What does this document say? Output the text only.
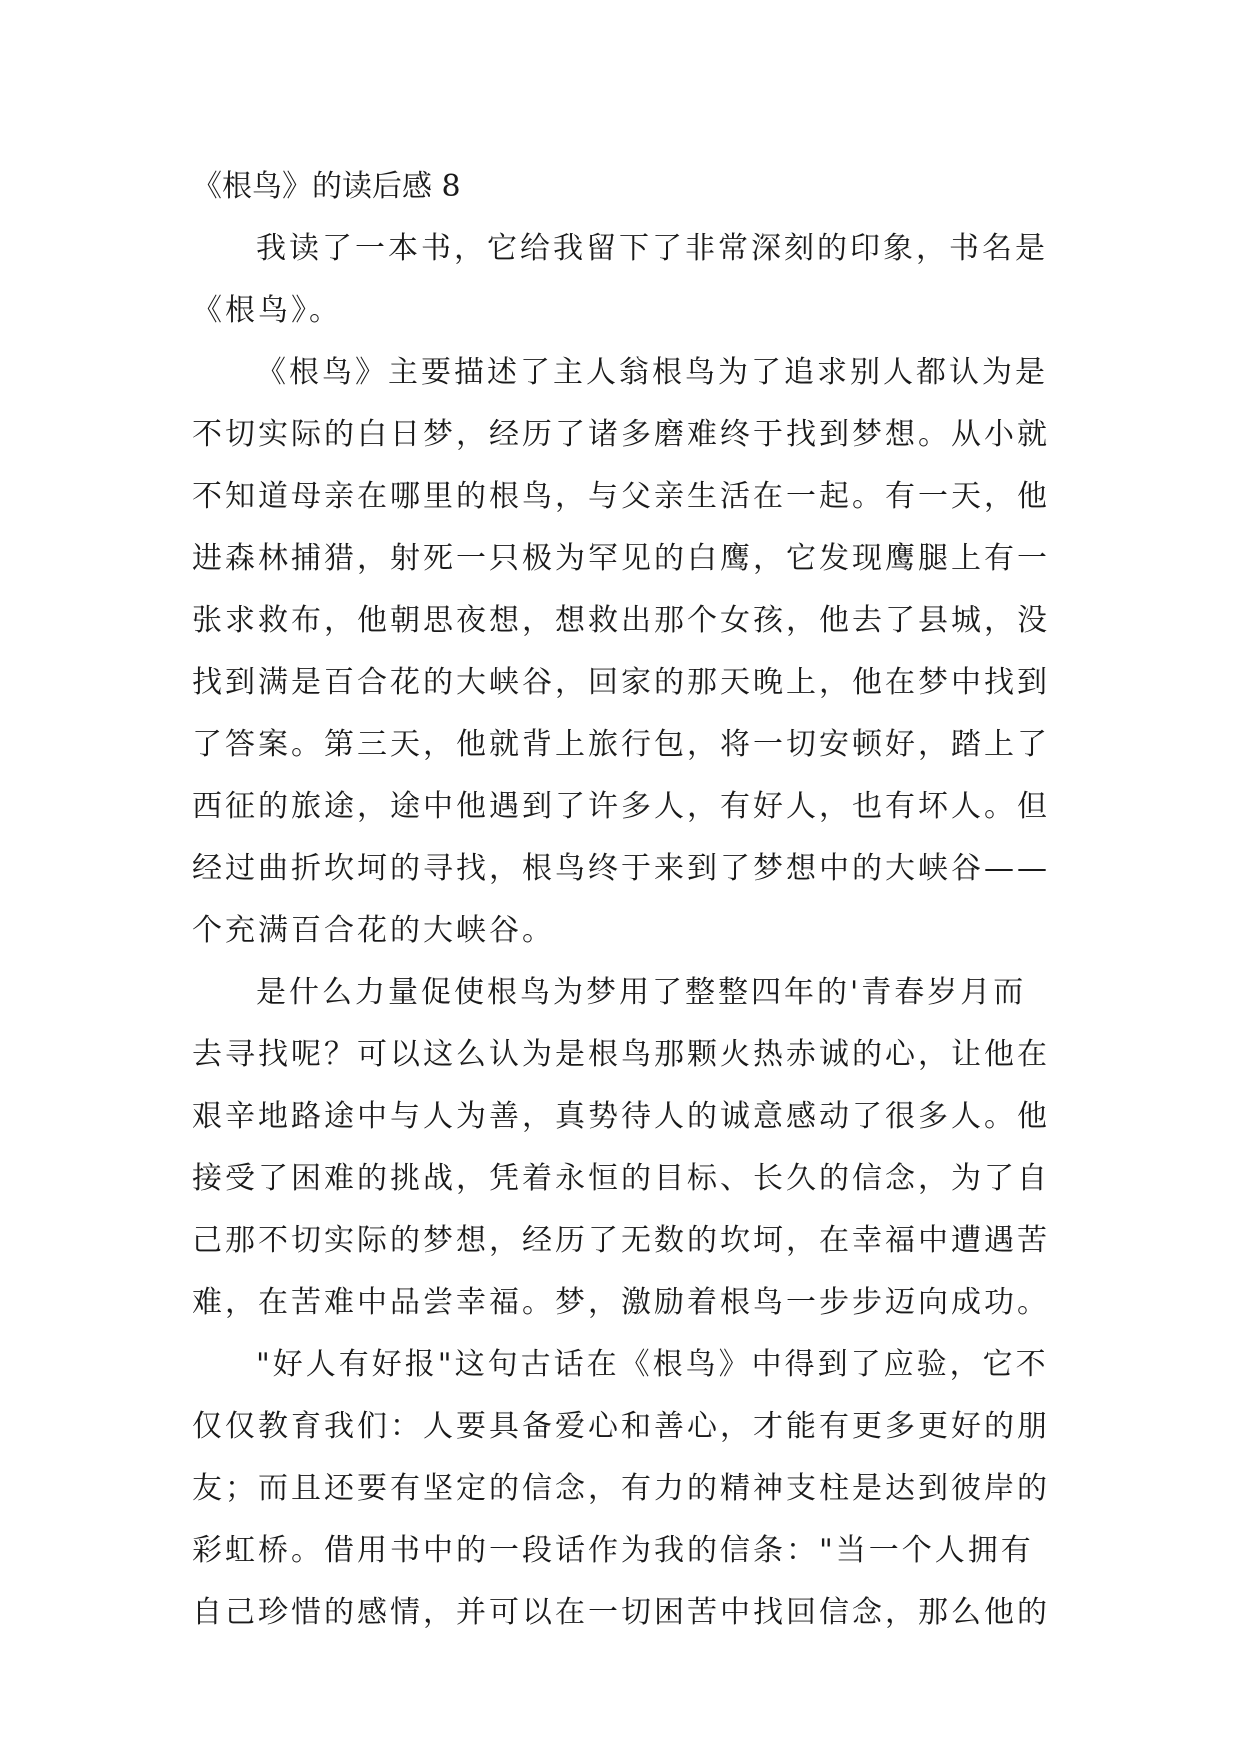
《根鸟》的读后感 8

我读了一本书，它给我留下了非常深刻的印象，书名是
《根鸟》。

《根鸟》主要描述了主人翁根鸟为了追求别人都认为是
不切实际的白日梦，经历了诸多磨难终于找到梦想。从小就
不知道母亲在哪里的根鸟，与父亲生活在一起。有一天，他
进森林捕猎，射死一只极为罕见的白鹰，它发现鹰腿上有一
张求救布，他朝思夜想，想救出那个女孩，他去了县城，没
找到满是百合花的大峡谷，回家的那天晚上，他在梦中找到
了答案。第三天，他就背上旅行包，将一切安顿好，踏上了
西征的旅途，途中他遇到了许多人，有好人，也有坏人。但
经过曲折坎坷的寻找，根鸟终于来到了梦想中的大峡谷——
个充满百合花的大峡谷。

是什么力量促使根鸟为梦用了整整四年的'青春岁月而
去寻找呢？可以这么认为是根鸟那颗火热赤诚的心，让他在
艰辛地路途中与人为善，真势待人的诚意感动了很多人。他
接受了困难的挑战，凭着永恒的目标、长久的信念，为了自
己那不切实际的梦想，经历了无数的坎坷，在幸福中遭遇苦
难，在苦难中品尝幸福。梦，激励着根鸟一步步迈向成功。

"好人有好报"这句古话在《根鸟》中得到了应验，它不
仅仅教育我们：人要具备爱心和善心，才能有更多更好的朋
友；而且还要有坚定的信念，有力的精神支柱是达到彼岸的
彩虹桥。借用书中的一段话作为我的信条："当一个人拥有
自己珍惜的感情，并可以在一切困苦中找回信念，那么他的
